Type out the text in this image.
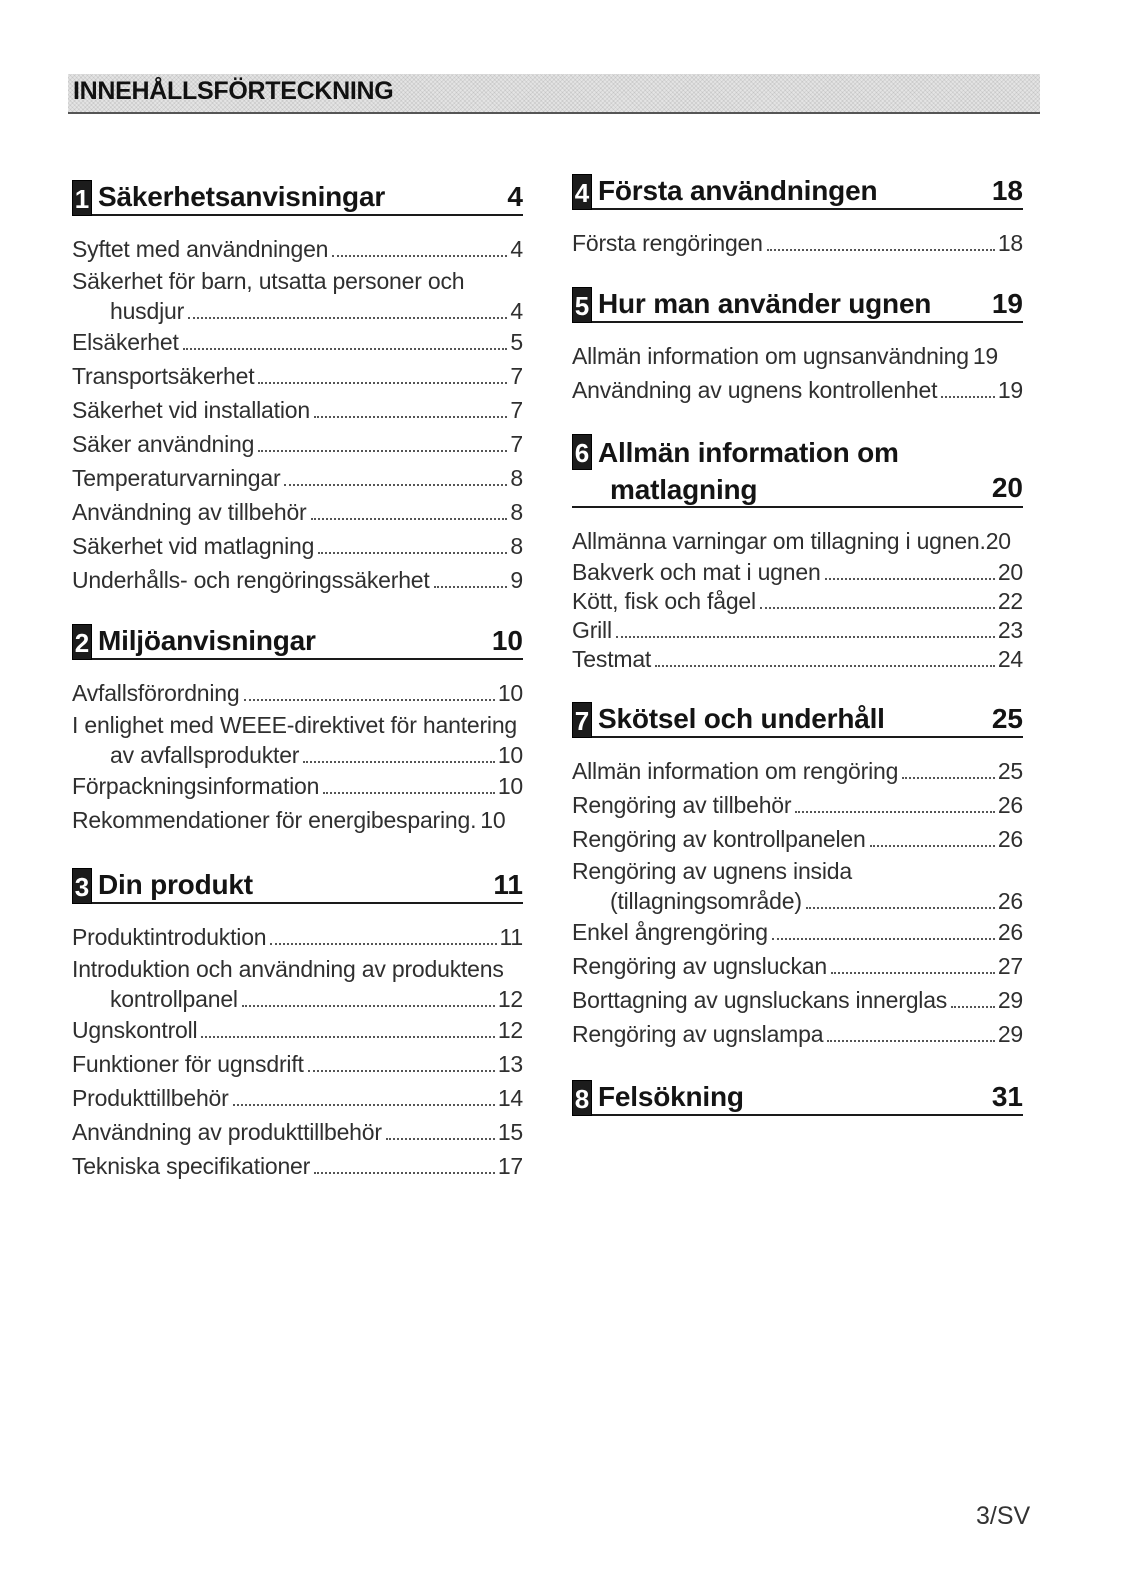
INNEHÅLLSFÖRTECKNING
1 Säkerhetsanvisningar	4
Syftet med användningen	4
Säkerhet för barn, utsatta personer och
husdjur	4
Elsäkerhet	5
Transportsäkerhet	7
Säkerhet vid installation	7
Säker användning	7
Temperaturvarningar	8
Användning av tillbehör	8
Säkerhet vid matlagning	8
Underhålls- och rengöringssäkerhet	9
2 Miljöanvisningar	10
Avfallsförordning	10
I enlighet med WEEE-direktivet för hantering
av avfallsprodukter	10
Förpackningsinformation	10
Rekommendationer för energibesparing. 10
3 Din produkt	11
Produktintroduktion	11
Introduktion och användning av produktens
kontrollpanel	12
Ugnskontroll	12
Funktioner för ugnsdrift	13
Produkttillbehör	14
Användning av produkttillbehör	15
Tekniska specifikationer	17
4 Första användningen	18
Första rengöringen	18
5 Hur man använder ugnen 19
Allmän information om ugnsanvändning 19
Användning av ugnens kontrollenhet	19
6 Allmän information om
matlagning	20
Allmänna varningar om tillagning i ugnen. 20
Bakverk och mat i ugnen	20
Kött, fisk och fågel	22
Grill	23
Testmat	24
7 Skötsel och underhåll	25
Allmän information om rengöring	25
Rengöring av tillbehör	26
Rengöring av kontrollpanelen	26
Rengöring av ugnens insida
(tillagningsområde)	26
Enkel ångrengöring	26
Rengöring av ugnsluckan	27
Borttagning av ugnsluckans innerglas 29
Rengöring av ugnslampa	29
8 Felsökning	31
3/SV
